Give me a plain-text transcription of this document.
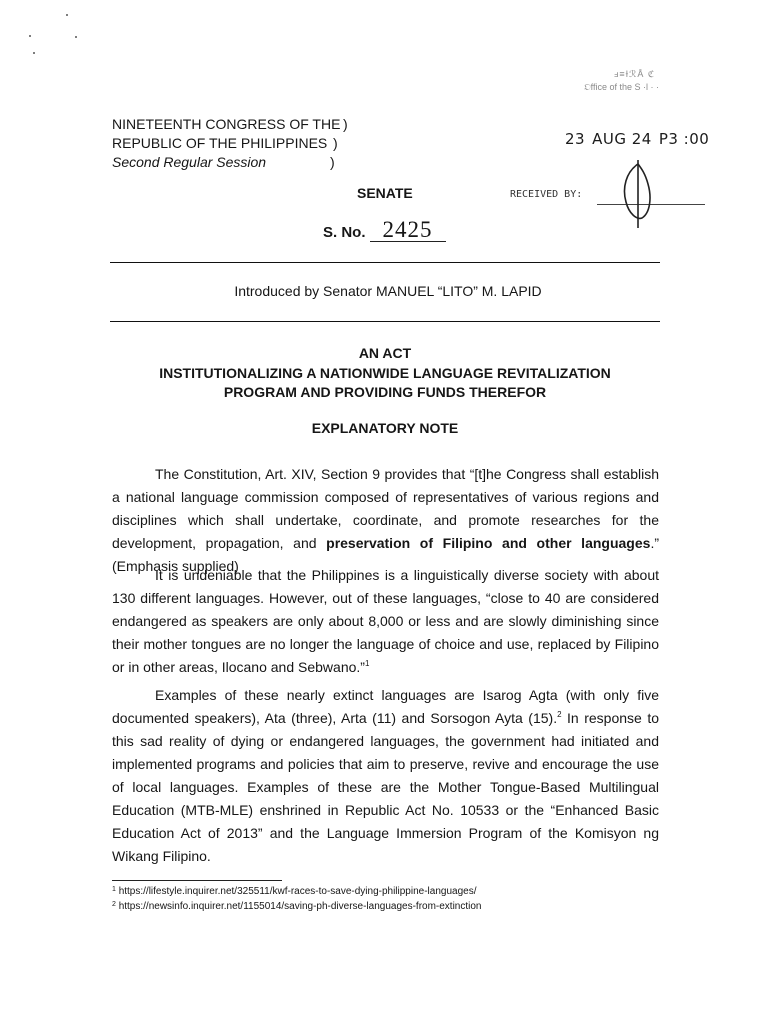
ⅎ≡ƗℛÅ ℭ
𝔒ffice of the S ·l · ·
NINETEENTH CONGRESS OF THE )
REPUBLIC OF THE PHILIPPINES )
Second Regular Session	)
23 AUG 24 P3 :00
SENATE	RECEIVED BY:
S. No. 2425
Introduced by Senator MANUEL “LITO” M. LAPID
AN ACT
INSTITUTIONALIZING A NATIONWIDE LANGUAGE REVITALIZATION
PROGRAM AND PROVIDING FUNDS THEREFOR
EXPLANATORY NOTE

The Constitution, Art. XIV, Section 9 provides that “[t]he Congress shall establish a national language commission composed of representatives of various regions and disciplines which shall undertake, coordinate, and promote researches for the development, propagation, and preservation of Filipino and other languages.” (Emphasis supplied)

It is undeniable that the Philippines is a linguistically diverse society with about 130 different languages. However, out of these languages, “close to 40 are considered endangered as speakers are only about 8,000 or less and are slowly diminishing since their mother tongues are no longer the language of choice and use, replaced by Filipino or in other areas, Ilocano and Sebwano.”$^1$

Examples of these nearly extinct languages are Isarog Agta (with only five documented speakers), Ata (three), Arta (11) and Sorsogon Ayta (15).$^2$ In response to this sad reality of dying or endangered languages, the government had initiated and implemented programs and policies that aim to preserve, revive and encourage the use of local languages. Examples of these are the Mother Tongue-Based Multilingual Education (MTB-MLE) enshrined in Republic Act No. 10533 or the “Enhanced Basic Education Act of 2013” and the Language Immersion Program of the Komisyon ng Wikang Filipino.

$^1$ https://lifestyle.inquirer.net/325511/kwf-races-to-save-dying-philippine-languages/
$^2$ https://newsinfo.inquirer.net/1155014/saving-ph-diverse-languages-from-extinction
